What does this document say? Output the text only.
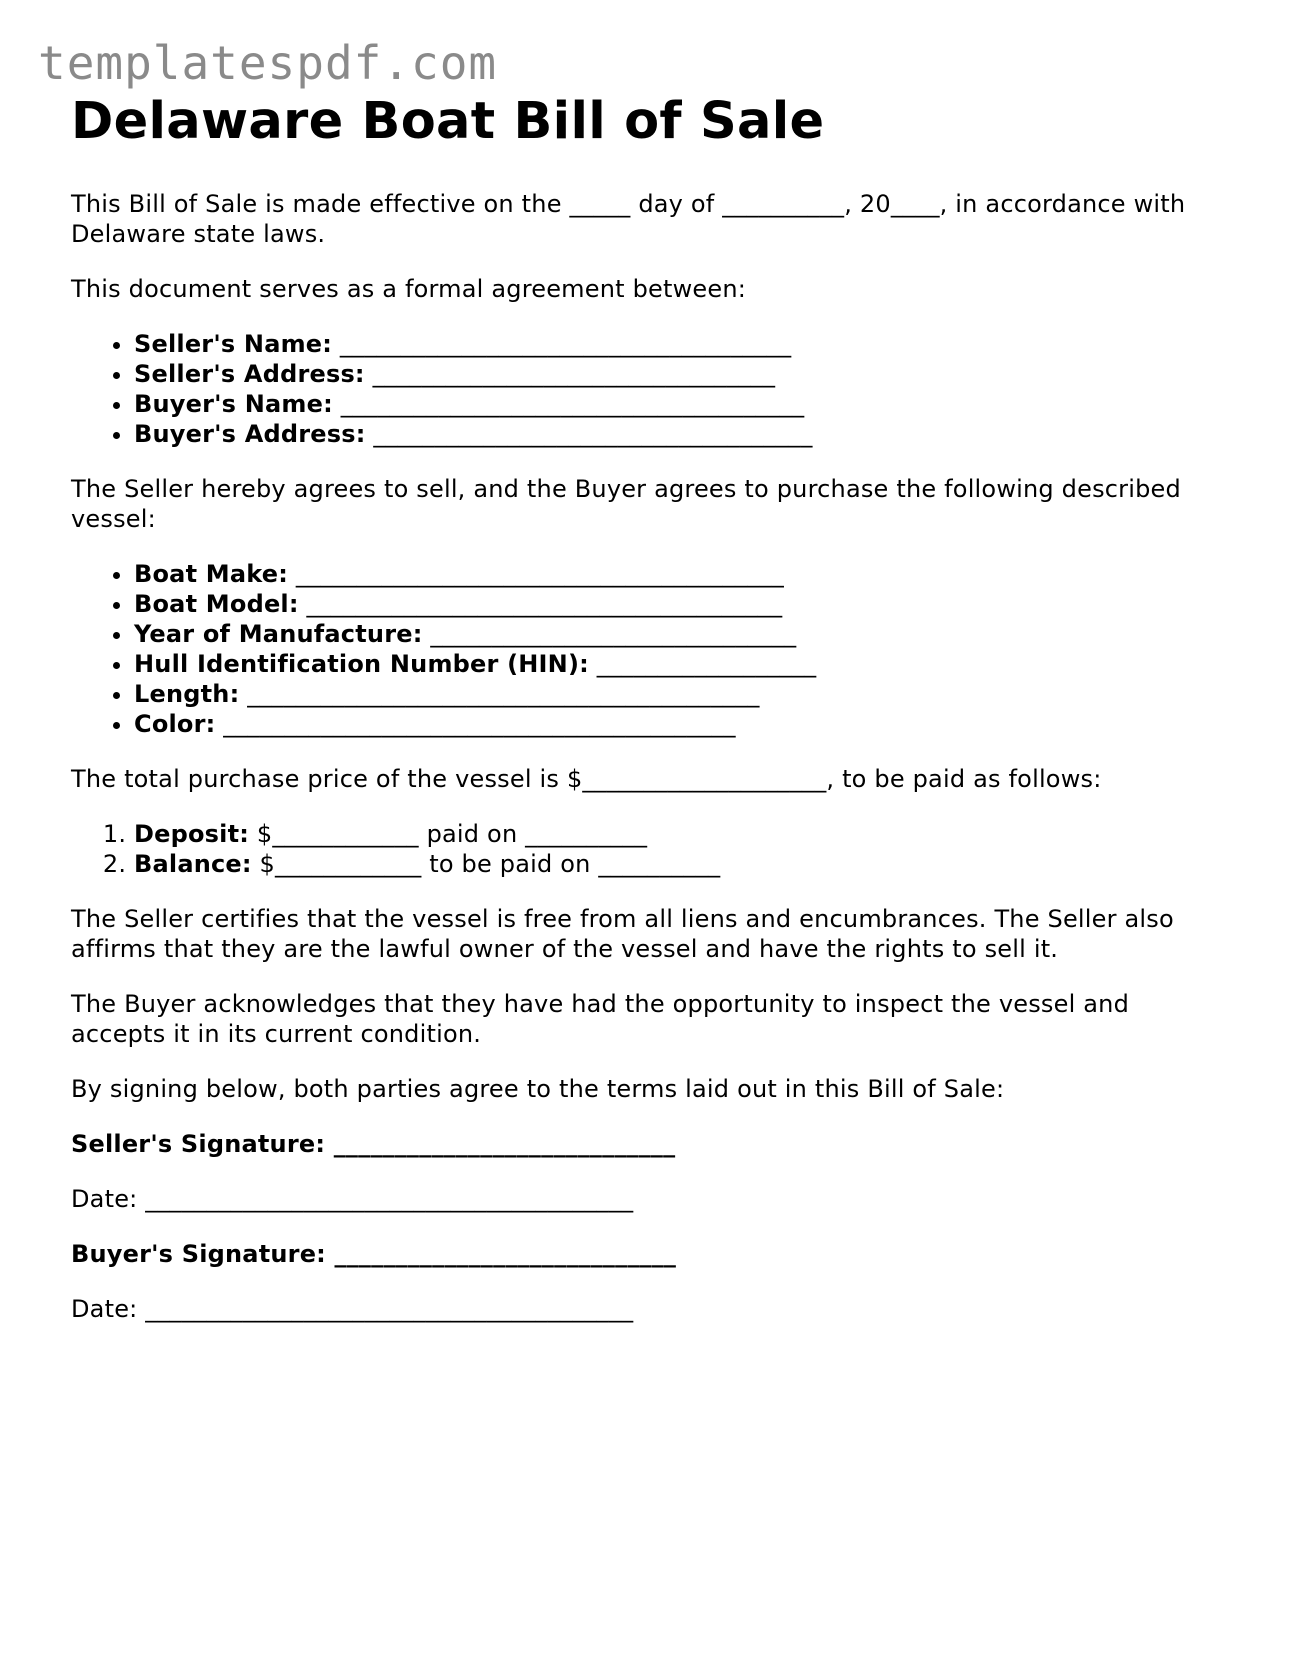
templatespdf.com
Delaware Boat Bill of Sale

This Bill of Sale is made effective on the _____ day of __________, 20____, in accordance with Delaware state laws.

This document serves as a formal agreement between:

• Seller's Name: _____________________________________
• Seller's Address: _________________________________
• Buyer's Name: ______________________________________
• Buyer's Address: ____________________________________

The Seller hereby agrees to sell, and the Buyer agrees to purchase the following described vessel:

• Boat Make: ________________________________________
• Boat Model: _______________________________________
• Year of Manufacture: ______________________________
• Hull Identification Number (HIN): __________________
• Length: __________________________________________
• Color: __________________________________________

The total purchase price of the vessel is $____________________, to be paid as follows:

1. Deposit: $____________ paid on __________
2. Balance: $____________ to be paid on __________

The Seller certifies that the vessel is free from all liens and encumbrances. The Seller also affirms that they are the lawful owner of the vessel and have the rights to sell it.

The Buyer acknowledges that they have had the opportunity to inspect the vessel and accepts it in its current condition.

By signing below, both parties agree to the terms laid out in this Bill of Sale:

Seller's Signature: ____________________________

Date: ________________________________________

Buyer's Signature: ____________________________

Date: ________________________________________
